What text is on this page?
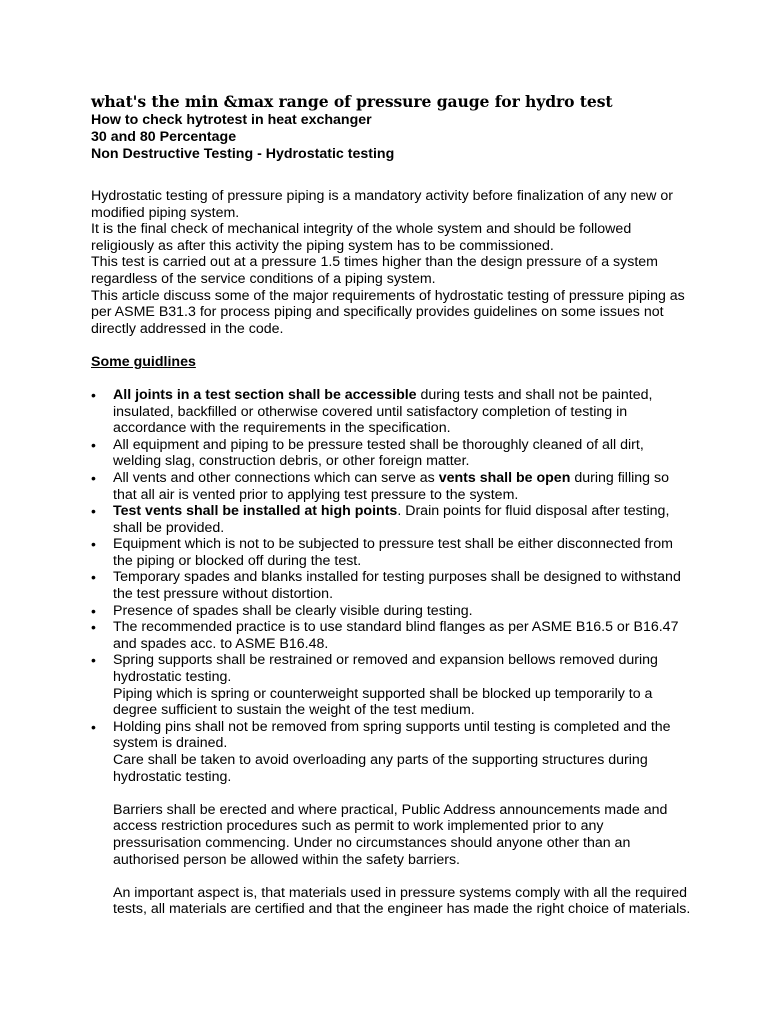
what's the min &max range of pressure gauge for hydro test
How to check hytrotest in heat exchanger
30 and 80 Percentage
Non Destructive Testing - Hydrostatic testing

Hydrostatic testing of pressure piping is a mandatory activity before finalization of any new or modified piping system.

It is the final check of mechanical integrity of the whole system and should be followed religiously as after this activity the piping system has to be commissioned.

This test is carried out at a pressure 1.5 times higher than the design pressure of a system regardless of the service conditions of a piping system.

This article discuss some of the major requirements of hydrostatic testing of pressure piping as per ASME B31.3 for process piping and specifically provides guidelines on some issues not directly addressed in the code.

Some guidlines
• All joints in a test section shall be accessible during tests and shall not be painted, insulated, backfilled or otherwise covered until satisfactory completion of testing in accordance with the requirements in the specification.

• All equipment and piping to be pressure tested shall be thoroughly cleaned of all dirt, welding slag, construction debris, or other foreign matter.

• All vents and other connections which can serve as vents shall be open during filling so that all air is vented prior to applying test pressure to the system.

• Test vents shall be installed at high points. Drain points for fluid disposal after testing, shall be provided.

• Equipment which is not to be subjected to pressure test shall be either disconnected from the piping or blocked off during the test.

• Temporary spades and blanks installed for testing purposes shall be designed to withstand the test pressure without distortion.

• Presence of spades shall be clearly visible during testing.

• The recommended practice is to use standard blind flanges as per ASME B16.5 or B16.47 and spades acc. to ASME B16.48.

• Spring supports shall be restrained or removed and expansion bellows removed during hydrostatic testing.

Piping which is spring or counterweight supported shall be blocked up temporarily to a degree sufficient to sustain the weight of the test medium.

• Holding pins shall not be removed from spring supports until testing is completed and the system is drained.

Care shall be taken to avoid overloading any parts of the supporting structures during hydrostatic testing.

Barriers shall be erected and where practical, Public Address announcements made and access restriction procedures such as permit to work implemented prior to any pressurisation commencing. Under no circumstances should anyone other than an authorised person be allowed within the safety barriers.

An important aspect is, that materials used in pressure systems comply with all the required tests, all materials are certified and that the engineer has made the right choice of materials.
